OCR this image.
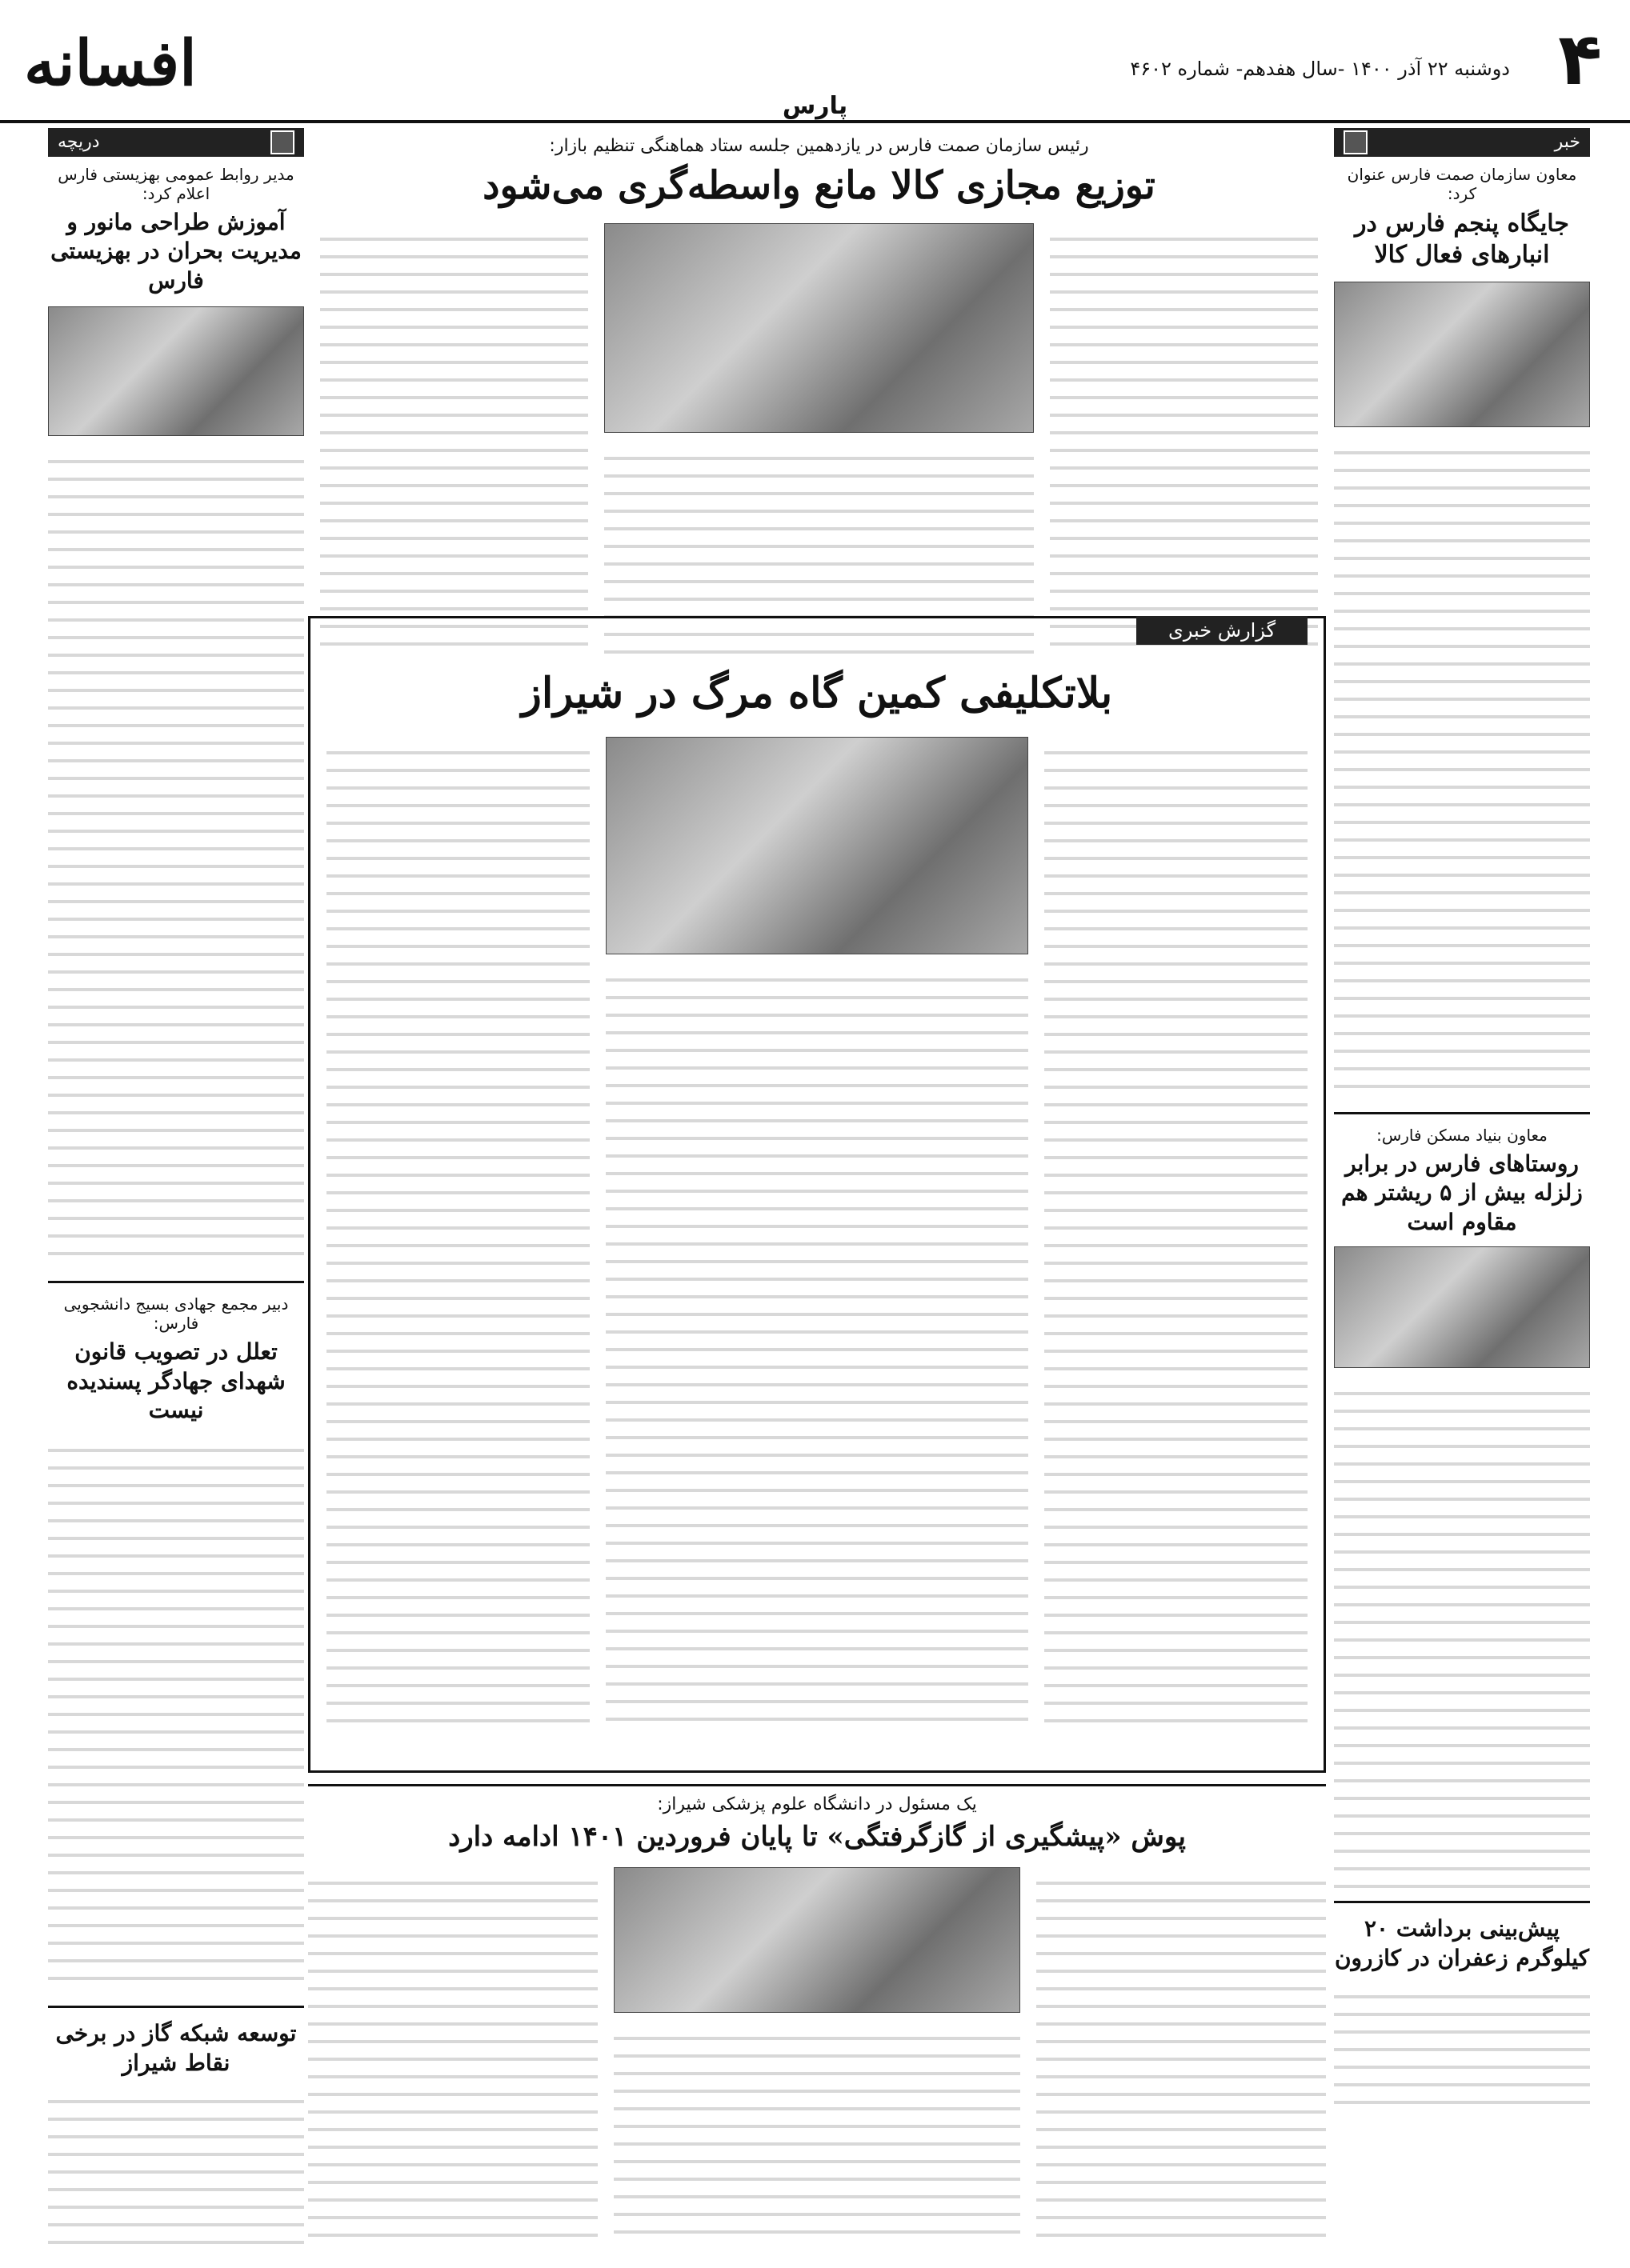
افسانه	۴
دوشنبه ۲۲ آذر ۱۴۰۰ -سال هفدهم- شماره ۴۶۰۲
پارس
خبر
معاون سازمان صمت فارس عنوان کرد:
جایگاه پنجم فارس در انبارهای فعال کالا
معاون بنیاد مسکن فارس:
روستاهای فارس در برابر زلزله بیش از ۵ ریشتر هم مقاوم است
پیش‌بینی برداشت ۲۰ کیلوگرم زعفران در کازرون
دریچه
مدیر روابط عمومی بهزیستی فارس اعلام کرد:
آموزش طراحی مانور و مدیریت بحران در بهزیستی فارس
دبیر مجمع جهادی بسیج دانشجویی فارس:
تعلل در تصویب قانون شهدای جهادگر پسندیده نیست
توسعه شبکه گاز در برخی نقاط شیراز
رئیس سازمان صمت فارس در یازدهمین جلسه ستاد هماهنگی تنظیم بازار:
توزیع مجازی کالا مانع واسطه‌گری می‌شود
گزارش خبری
بلاتکلیفی کمین گاه مرگ در شیراز
یک مسئول در دانشگاه علوم پزشکی شیراز:
پوش «پیشگیری از گازگرفتگی» تا پایان فروردین ۱۴۰۱ ادامه دارد
